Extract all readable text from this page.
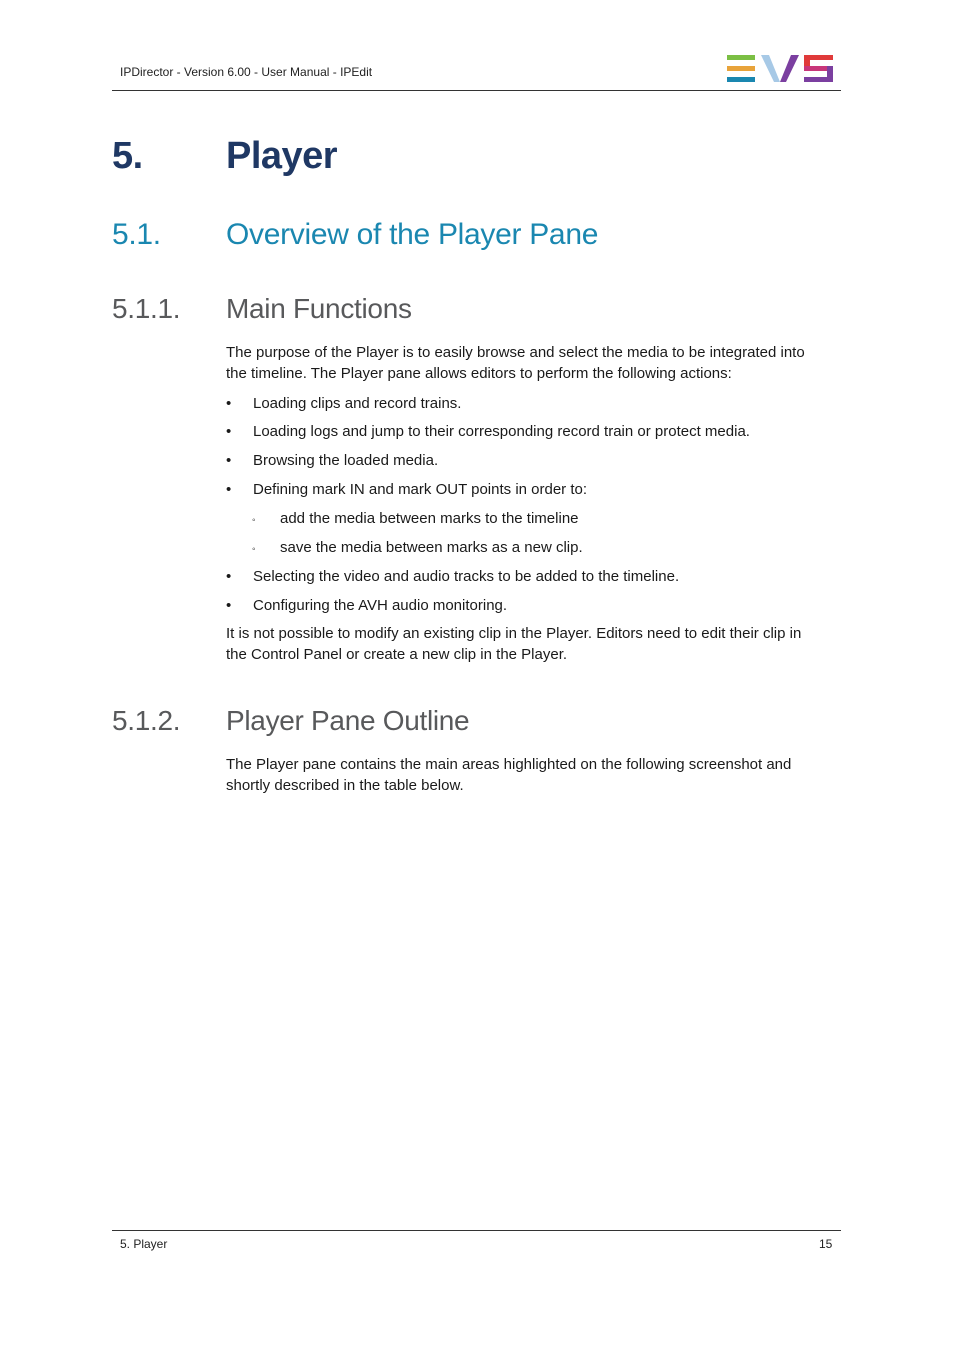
IPDirector - Version 6.00 - User Manual - IPEdit
5. Player
5.1. Overview of the Player Pane
5.1.1. Main Functions
The purpose of the Player is to easily browse and select the media to be integrated into
the timeline. The Player pane allows editors to perform the following actions:
• Loading clips and record trains.
• Loading logs and jump to their corresponding record train or protect media.
• Browsing the loaded media.
• Defining mark IN and mark OUT points in order to:
◦ add the media between marks to the timeline
◦ save the media between marks as a new clip.
• Selecting the video and audio tracks to be added to the timeline.
• Configuring the AVH audio monitoring.
It is not possible to modify an existing clip in the Player. Editors need to edit their clip in
the Control Panel or create a new clip in the Player.
5.1.2. Player Pane Outline
The Player pane contains the main areas highlighted on the following screenshot and
shortly described in the table below.
5. Player	15
